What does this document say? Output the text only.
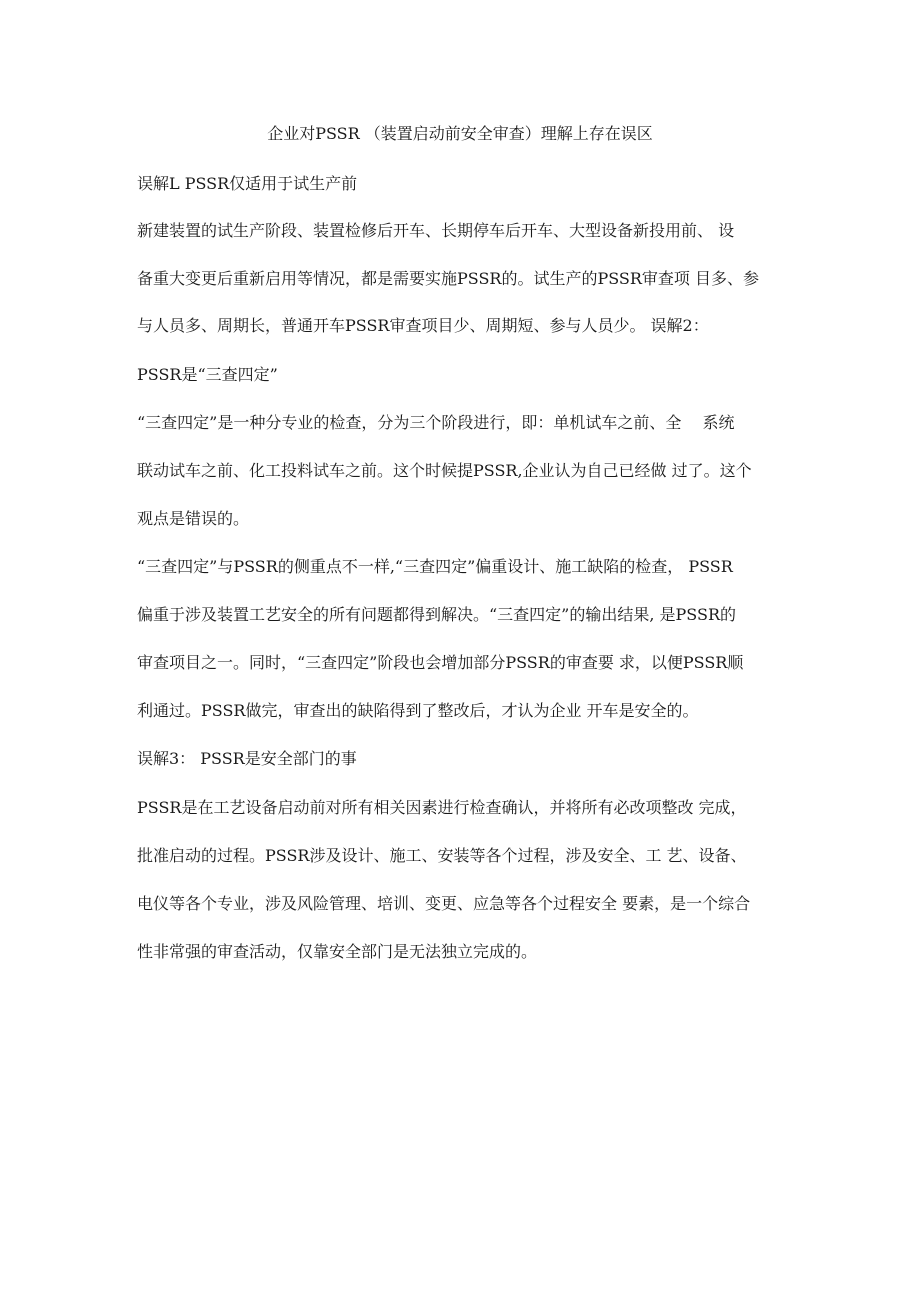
企业对PSSR （装置启动前安全审查）理解上存在误区
误解L PSSR仅适用于试生产前
新建装置的试生产阶段、装置检修后开车、长期停车后开车、大型设备新投用前、 设
备重大变更后重新启用等情况，都是需要实施PSSR的。试生产的PSSR审查项 目多、参
与人员多、周期长，普通开车PSSR审查项目少、周期短、参与人员少。 误解2：
PSSR是“三查四定”
“三查四定”是一种分专业的检查，分为三个阶段进行，即：单机试车之前、全　 系统
联动试车之前、化工投料试车之前。这个时候提PSSR,企业认为自己已经做 过了。这个
观点是错误的。
“三查四定”与PSSR的侧重点不一样,“三查四定”偏重设计、施工缺陷的检查， PSSR
偏重于涉及装置工艺安全的所有问题都得到解决。“三查四定”的输出结果, 是PSSR的
审查项目之一。同时，“三查四定”阶段也会增加部分PSSR的审查要 求，以便PSSR顺
利通过。PSSR做完，审查出的缺陷得到了整改后，才认为企业 开车是安全的。
误解3： PSSR是安全部门的事
PSSR是在工艺设备启动前对所有相关因素进行检查确认，并将所有必改项整改 完成，
批准启动的过程。PSSR涉及设计、施工、安装等各个过程，涉及安全、工 艺、设备、
电仪等各个专业，涉及风险管理、培训、变更、应急等各个过程安全 要素，是一个综合
性非常强的审查活动，仅靠安全部门是无法独立完成的。
